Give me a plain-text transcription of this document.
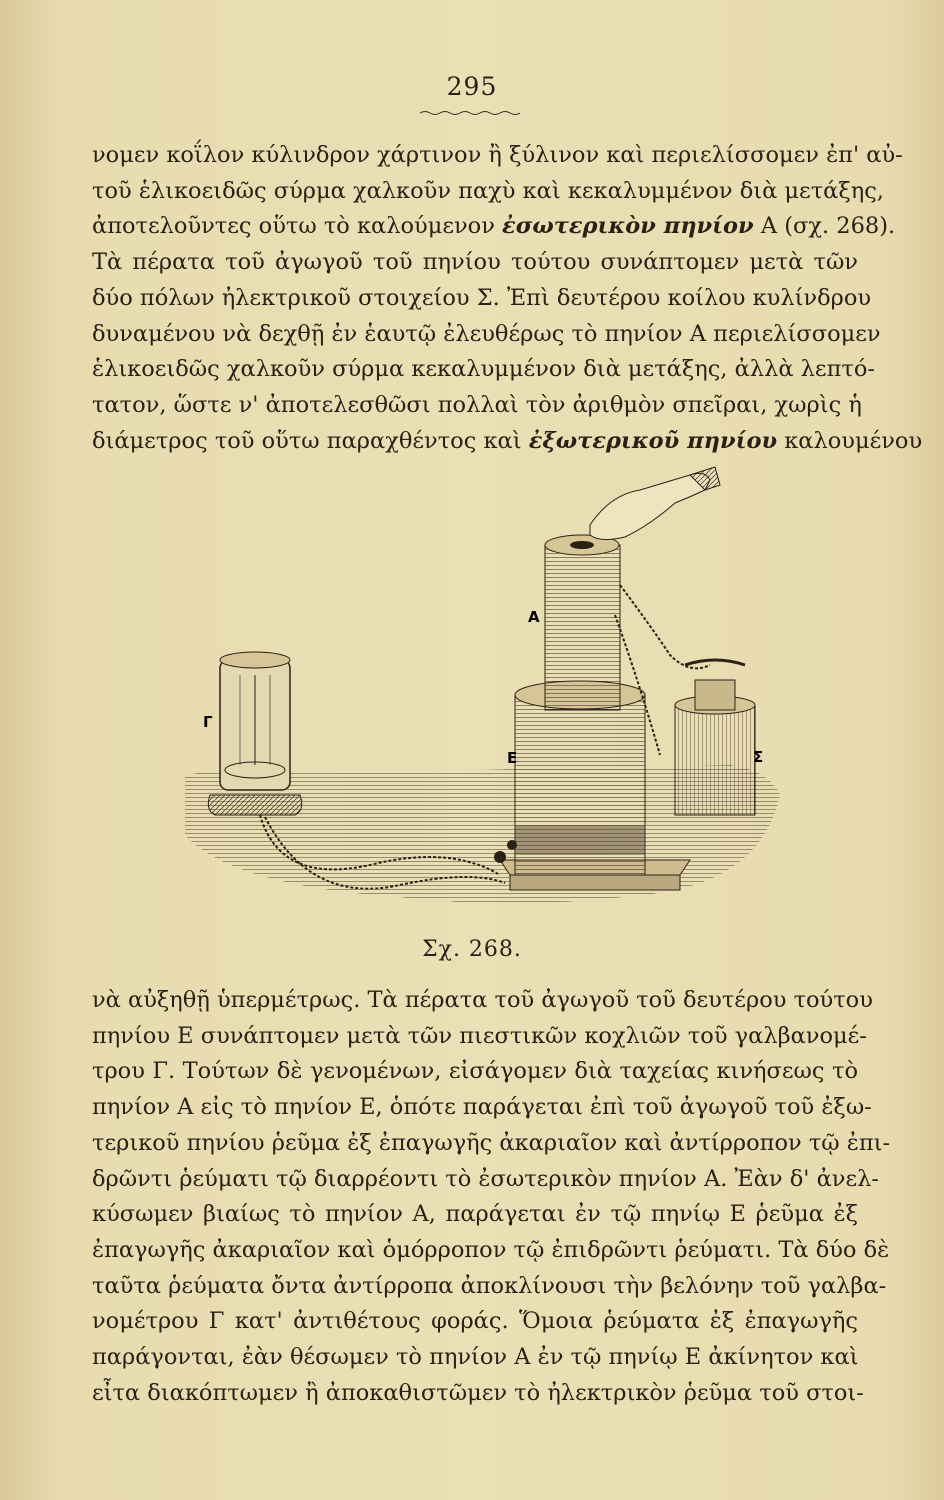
295
νομεν κοΐλον κύλινδρον χάρτινον ἢ ξύλινον καὶ περιελίσσομεν ἐπ' αὐ-
τοῦ ἑλικοειδῶς σύρμα χαλκοῦν παχὺ καὶ κεκαλυμμένον διὰ μετάξης,
ἀποτελοῦντες οὕτω τὸ καλούμενον ἐσωτερικὸν πηνίον Α (σχ. 268).
Τὰ πέρατα τοῦ ἀγωγοῦ τοῦ πηνίου τούτου συνάπτομεν μετὰ τῶν
δύο πόλων ἠλεκτρικοῦ στοιχείου Σ. Ἐπὶ δευτέρου κοίλου κυλίνδρου
δυναμένου νὰ δεχθῇ ἐν ἑαυτῷ ἐλευθέρως τὸ πηνίον Α περιελίσσομεν
ἑλικοειδῶς χαλκοῦν σύρμα κεκαλυμμένον διὰ μετάξης, ἀλλὰ λεπτό-
τατον, ὥστε ν' ἀποτελεσθῶσι πολλαὶ τὸν ἀριθμὸν σπεῖραι, χωρὶς ἡ
διάμετρος τοῦ οὕτω παραχθέντος καὶ ἐξωτερικοῦ πηνίου καλουμένου
Α
Ε
Γ
Σ
Σχ. 268.
νὰ αὐξηθῇ ὑπερμέτρως. Τὰ πέρατα τοῦ ἀγωγοῦ τοῦ δευτέρου τούτου
πηνίου Ε συνάπτομεν μετὰ τῶν πιεστικῶν κοχλιῶν τοῦ γαλβανομέ-
τρου Γ. Τούτων δὲ γενομένων, εἰσάγομεν διὰ ταχείας κινήσεως τὸ
πηνίον Α εἰς τὸ πηνίον Ε, ὁπότε παράγεται ἐπὶ τοῦ ἀγωγοῦ τοῦ ἐξω-
τερικοῦ πηνίου ῥεῦμα ἐξ ἐπαγωγῆς ἀκαριαῖον καὶ ἀντίρροπον τῷ ἐπι-
δρῶντι ῥεύματι τῷ διαρρέοντι τὸ ἐσωτερικὸν πηνίον Α. Ἐὰν δ' ἀνελ-
κύσωμεν βιαίως τὸ πηνίον Α, παράγεται ἐν τῷ πηνίῳ Ε ῥεῦμα ἐξ
ἐπαγωγῆς ἀκαριαῖον καὶ ὁμόρροπον τῷ ἐπιδρῶντι ῥεύματι. Τὰ δύο δὲ
ταῦτα ῥεύματα ὄντα ἀντίρροπα ἀποκλίνουσι τὴν βελόνην τοῦ γαλβα-
νομέτρου Γ κατ' ἀντιθέτους φοράς. Ὅμοια ῥεύματα ἐξ ἐπαγωγῆς
παράγονται, ἐὰν θέσωμεν τὸ πηνίον Α ἐν τῷ πηνίῳ Ε ἀκίνητον καὶ
εἶτα διακόπτωμεν ἢ ἀποκαθιστῶμεν τὸ ἠλεκτρικὸν ῥεῦμα τοῦ στοι-
